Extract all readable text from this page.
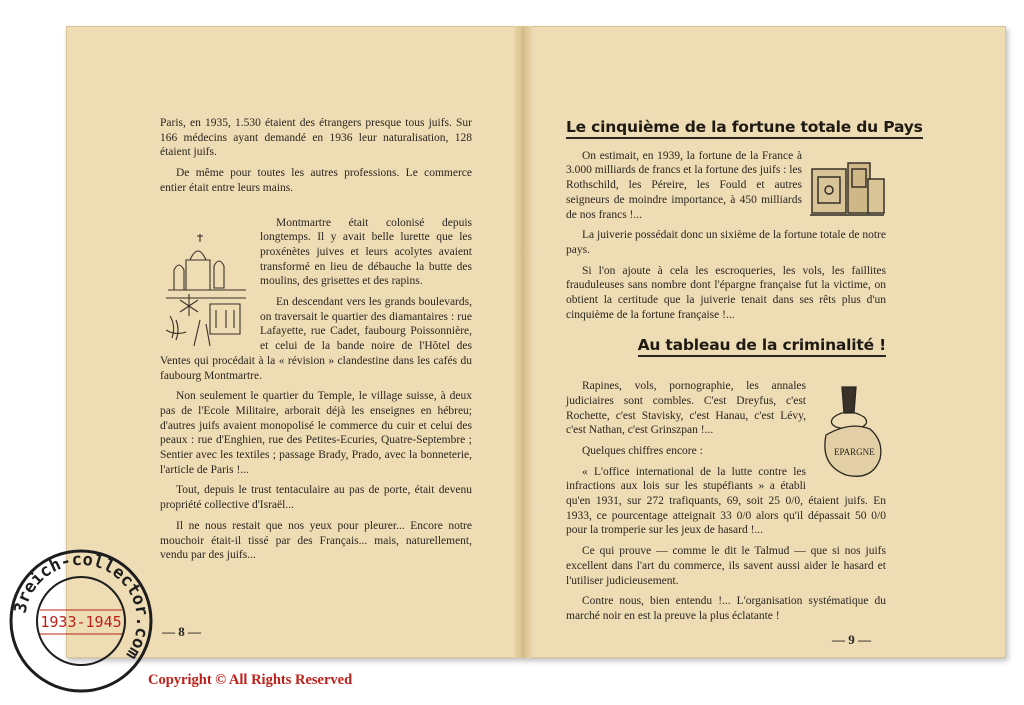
Paris, en 1935, 1.530 étaient des étrangers presque tous juifs. Sur 166 médecins ayant demandé en 1936 leur naturalisation, 128 étaient juifs.

De même pour toutes les autres professions. Le commerce entier était entre leurs mains.

Montmartre était colonisé depuis longtemps. Il y avait belle lurette que les proxénètes juives et leurs acolytes avaient transformé en lieu de débauche la butte des moulins, des grisettes et des rapins.

En descendant vers les grands boulevards, on traversait le quartier des diamantaires : rue Lafayette, rue Cadet, faubourg Poissonnière, et celui de la bande noire de l'Hôtel des Ventes qui procédait à la « révision » clandestine dans les cafés du faubourg Montmartre.

Non seulement le quartier du Temple, le village suisse, à deux pas de l'Ecole Militaire, arborait déjà les enseignes en hébreu; d'autres juifs avaient monopolisé le commerce du cuir et celui des peaux : rue d'Enghien, rue des Petites-Ecuries, Quatre-Septembre ; Sentier avec les textiles ; passage Brady, Prado, avec la bonneterie, l'article de Paris !...

Tout, depuis le trust tentaculaire au pas de porte, était devenu propriété collective d'Israël...

Il ne nous restait que nos yeux pour pleurer... Encore notre mouchoir était-il tissé par des Français... mais, naturellement, vendu par des juifs...

— 8 —
Le cinquième de la fortune totale du Pays

On estimait, en 1939, la fortune de la France à 3.000 milliards de francs et la fortune des juifs : les Rothschild, les Péreire, les Fould et autres seigneurs de moindre importance, à 450 milliards de nos francs !...

La juiverie possédait donc un sixième de la fortune totale de notre pays.

Si l'on ajoute à cela les escroqueries, les vols, les faillites frauduleuses sans nombre dont l'épargne française fut la victime, on obtient la certitude que la juiverie tenait dans ses rêts plus d'un cinquième de la fortune française !...

Au tableau de la criminalité !
EPARGNE

Rapines, vols, pornographie, les annales judiciaires sont combles. C'est Dreyfus, c'est Rochette, c'est Stavisky, c'est Hanau, c'est Lévy, c'est Nathan, c'est Grinszpan !...

Quelques chiffres encore :

« L'office international de la lutte contre les infractions aux lois sur les stupéfiants » a établi qu'en 1931, sur 272 trafiquants, 69, soit 25 0/0, étaient juifs. En 1933, ce pourcentage atteignait 33 0/0 alors qu'il dépassait 50 0/0 pour la tromperie sur les jeux de hasard !...

Ce qui prouve — comme le dit le Talmud — que si nos juifs excellent dans l'art du commerce, ils savent aussi aider le hasard et l'utiliser judicieusement.

Contre nous, bien entendu !... L'organisation systématique du marché noir en est la preuve la plus éclatante !

— 9 —
3reich-collector.com
1933-1945
Copyright © All Rights Reserved
